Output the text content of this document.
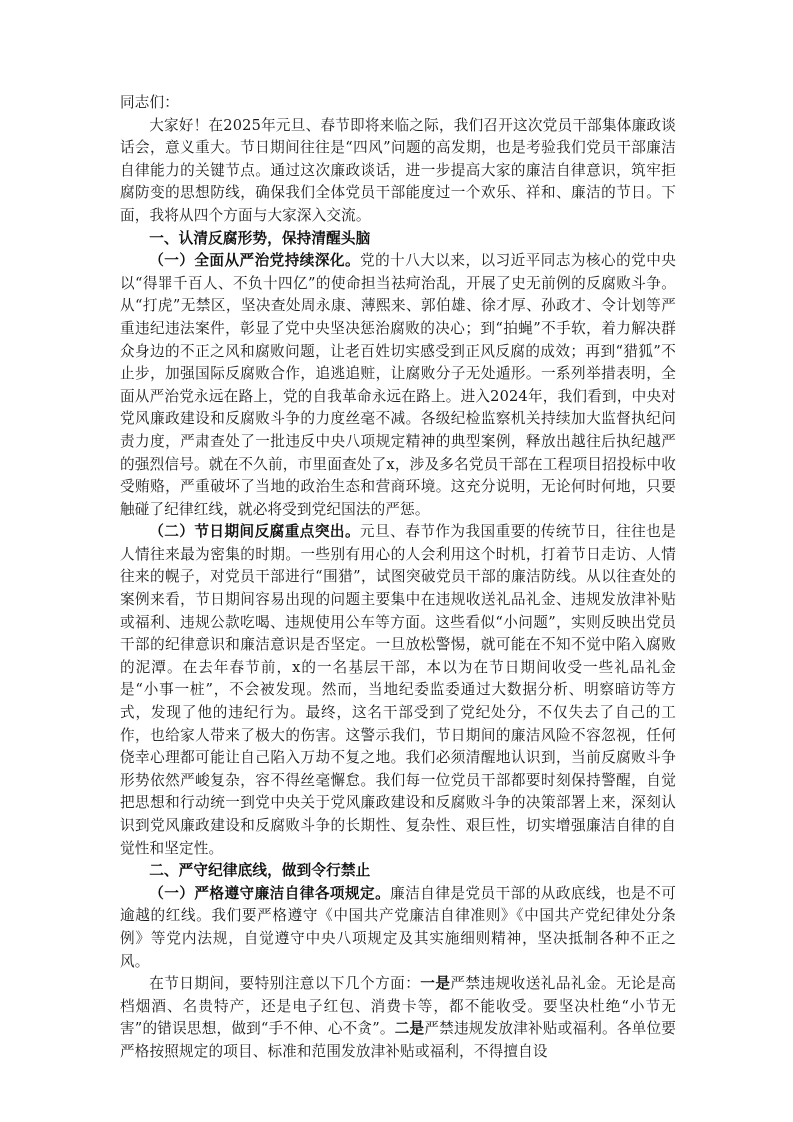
同志们：

大家好！在2025年元旦、春节即将来临之际，我们召开这次党员干部集体廉政谈话会，意义重大。节日期间往往是“四风”问题的高发期，也是考验我们党员干部廉洁自律能力的关键节点。通过这次廉政谈话，进一步提高大家的廉洁自律意识，筑牢拒腐防变的思想防线，确保我们全体党员干部能度过一个欢乐、祥和、廉洁的节日。下面，我将从四个方面与大家深入交流。

一、认清反腐形势，保持清醒头脑

（一）全面从严治党持续深化。党的十八大以来，以习近平同志为核心的党中央以“得罪千百人、不负十四亿”的使命担当祛疴治乱，开展了史无前例的反腐败斗争。从“打虎”无禁区，坚决查处周永康、薄熙来、郭伯雄、徐才厚、孙政才、令计划等严重违纪违法案件，彰显了党中央坚决惩治腐败的决心；到“拍蝇”不手软，着力解决群众身边的不正之风和腐败问题，让老百姓切实感受到正风反腐的成效；再到“猎狐”不止步，加强国际反腐败合作，追逃追赃，让腐败分子无处遁形。一系列举措表明，全面从严治党永远在路上，党的自我革命永远在路上。进入2024年，我们看到，中央对党风廉政建设和反腐败斗争的力度丝毫不减。各级纪检监察机关持续加大监督执纪问责力度，严肃查处了一批违反中央八项规定精神的典型案例，释放出越往后执纪越严的强烈信号。就在不久前，市里面查处了x，涉及多名党员干部在工程项目招投标中收受贿赂，严重破坏了当地的政治生态和营商环境。这充分说明，无论何时何地，只要触碰了纪律红线，就必将受到党纪国法的严惩。

（二）节日期间反腐重点突出。元旦、春节作为我国重要的传统节日，往往也是人情往来最为密集的时期。一些别有用心的人会利用这个时机，打着节日走访、人情往来的幌子，对党员干部进行“围猎”，试图突破党员干部的廉洁防线。从以往查处的案例来看，节日期间容易出现的问题主要集中在违规收送礼品礼金、违规发放津补贴或福利、违规公款吃喝、违规使用公车等方面。这些看似“小问题”，实则反映出党员干部的纪律意识和廉洁意识是否坚定。一旦放松警惕，就可能在不知不觉中陷入腐败的泥潭。在去年春节前，x的一名基层干部，本以为在节日期间收受一些礼品礼金是“小事一桩”，不会被发现。然而，当地纪委监委通过大数据分析、明察暗访等方式，发现了他的违纪行为。最终，这名干部受到了党纪处分，不仅失去了自己的工作，也给家人带来了极大的伤害。这警示我们，节日期间的廉洁风险不容忽视，任何侥幸心理都可能让自己陷入万劫不复之地。我们必须清醒地认识到，当前反腐败斗争形势依然严峻复杂，容不得丝毫懈怠。我们每一位党员干部都要时刻保持警醒，自觉把思想和行动统一到党中央关于党风廉政建设和反腐败斗争的决策部署上来，深刻认识到党风廉政建设和反腐败斗争的长期性、复杂性、艰巨性，切实增强廉洁自律的自觉性和坚定性。

二、严守纪律底线，做到令行禁止

（一）严格遵守廉洁自律各项规定。廉洁自律是党员干部的从政底线，也是不可逾越的红线。我们要严格遵守《中国共产党廉洁自律准则》《中国共产党纪律处分条例》等党内法规，自觉遵守中央八项规定及其实施细则精神，坚决抵制各种不正之风。

在节日期间，要特别注意以下几个方面：一是严禁违规收送礼品礼金。无论是高档烟酒、名贵特产，还是电子红包、消费卡等，都不能收受。要坚决杜绝“小节无害”的错误思想，做到“手不伸、心不贪”。二是严禁违规发放津补贴或福利。各单位要严格按照规定的项目、标准和范围发放津补贴或福利，不得擅自设
